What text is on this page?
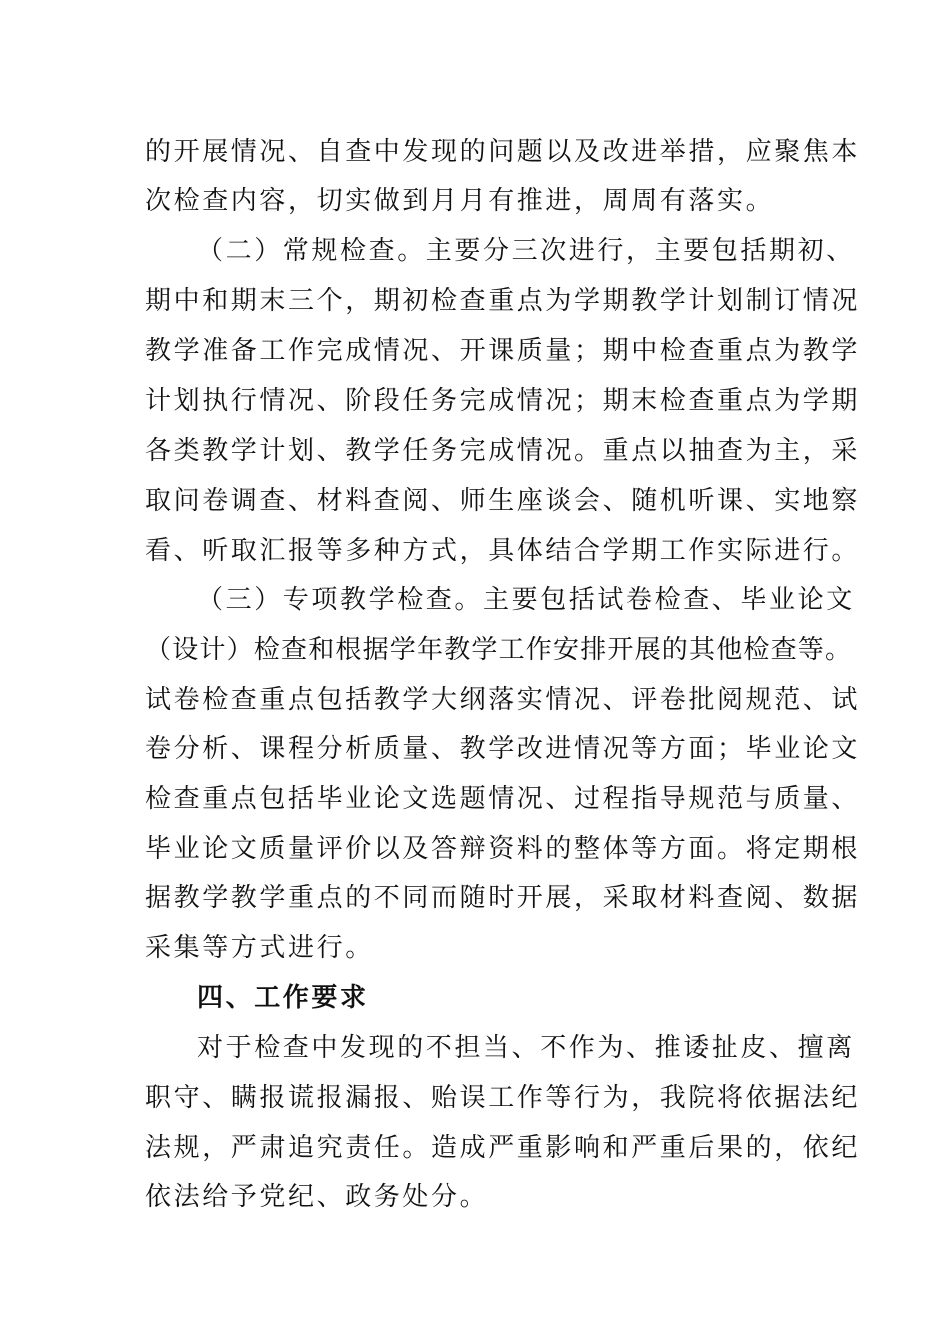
的开展情况、自查中发现的问题以及改进举措，应聚焦本
次检查内容，切实做到月月有推进，周周有落实。
（二）常规检查。主要分三次进行，主要包括期初、
期中和期末三个，期初检查重点为学期教学计划制订情况
教学准备工作完成情况、开课质量；期中检查重点为教学
计划执行情况、阶段任务完成情况；期末检查重点为学期
各类教学计划、教学任务完成情况。重点以抽查为主，采
取问卷调查、材料查阅、师生座谈会、随机听课、实地察
看、听取汇报等多种方式，具体结合学期工作实际进行。
（三）专项教学检查。主要包括试卷检查、毕业论文
（设计）检查和根据学年教学工作安排开展的其他检查等。
试卷检查重点包括教学大纲落实情况、评卷批阅规范、试
卷分析、课程分析质量、教学改进情况等方面；毕业论文
检查重点包括毕业论文选题情况、过程指导规范与质量、
毕业论文质量评价以及答辩资料的整体等方面。将定期根
据教学教学重点的不同而随时开展，采取材料查阅、数据
采集等方式进行。
四、工作要求
对于检查中发现的不担当、不作为、推诿扯皮、擅离
职守、瞒报谎报漏报、贻误工作等行为，我院将依据法纪
法规，严肃追究责任。造成严重影响和严重后果的，依纪
依法给予党纪、政务处分。
